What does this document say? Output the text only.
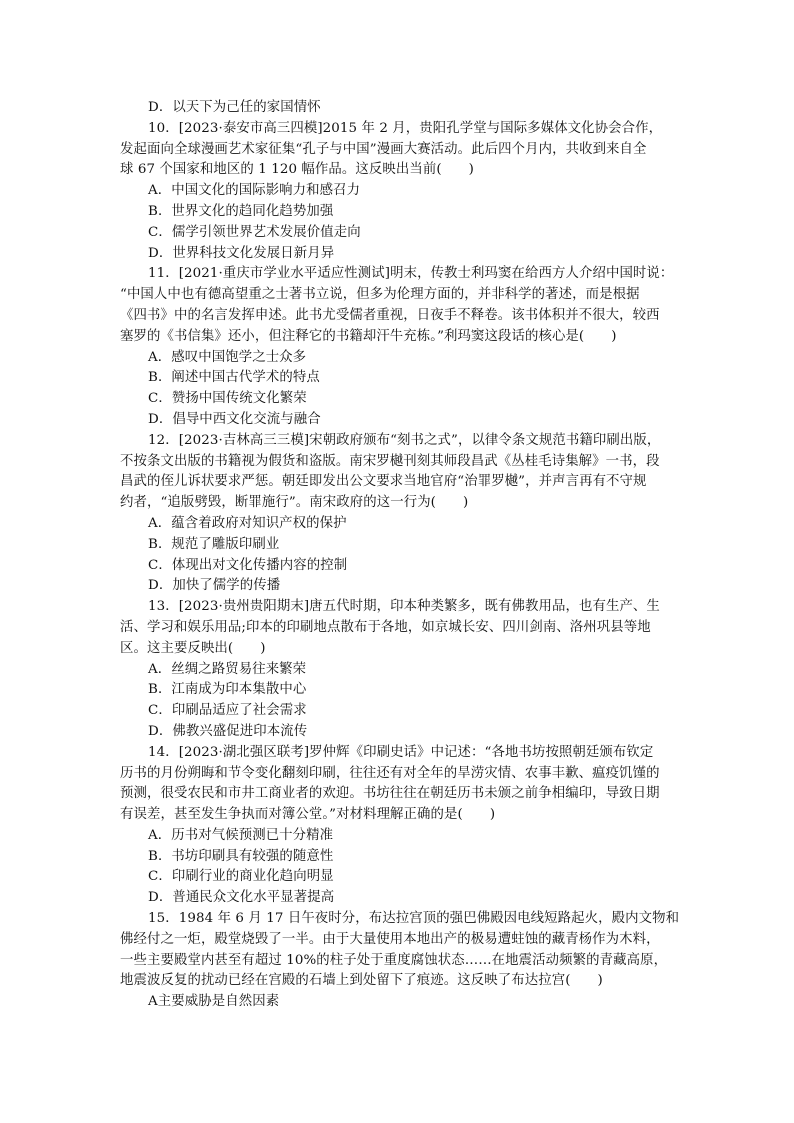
D．以天下为己任的家国情怀
10．[2023·泰安市高三四模]2015 年 2 月，贵阳孔学堂与国际多媒体文化协会合作，
发起面向全球漫画艺术家征集“孔子与中国”漫画大赛活动。此后四个月内，共收到来自全
球 67 个国家和地区的 1 120 幅作品。这反映出当前(　　)
A．中国文化的国际影响力和感召力
B．世界文化的趋同化趋势加强
C．儒学引领世界艺术发展价值走向
D．世界科技文化发展日新月异
11．[2021·重庆市学业水平适应性测试]明末，传教士利玛窦在给西方人介绍中国时说：
“中国人中也有德高望重之士著书立说，但多为伦理方面的，并非科学的著述，而是根据
《四书》中的名言发挥申述。此书尤受儒者重视，日夜手不释卷。该书体积并不很大，较西
塞罗的《书信集》还小，但注释它的书籍却汗牛充栋。”利玛窦这段话的核心是(　　)
A．感叹中国饱学之士众多
B．阐述中国古代学术的特点
C．赞扬中国传统文化繁荣
D．倡导中西文化交流与融合
12．[2023·吉林高三三模]宋朝政府颁布“刻书之式”，以律令条文规范书籍印刷出版，
不按条文出版的书籍视为假货和盗版。南宋罗樾刊刻其师段昌武《丛桂毛诗集解》一书，段
昌武的侄儿诉状要求严惩。朝廷即发出公文要求当地官府“治罪罗樾”，并声言再有不守规
约者，“追版劈毁，断罪施行”。南宋政府的这一行为(　　)
A．蕴含着政府对知识产权的保护
B．规范了雕版印刷业
C．体现出对文化传播内容的控制
D．加快了儒学的传播
13．[2023·贵州贵阳期末]唐五代时期，印本种类繁多，既有佛教用品，也有生产、生
活、学习和娱乐用品;印本的印刷地点散布于各地，如京城长安、四川剑南、洛州巩县等地
区。这主要反映出(　　)
A．丝绸之路贸易往来繁荣
B．江南成为印本集散中心
C．印刷品适应了社会需求
D．佛教兴盛促进印本流传
14．[2023·湖北强区联考]罗仲辉《印刷史话》中记述：“各地书坊按照朝廷颁布钦定
历书的月份朔晦和节令变化翻刻印刷，往往还有对全年的旱涝灾情、农事丰歉、瘟疫饥馑的
预测，很受农民和市井工商业者的欢迎。书坊往往在朝廷历书未颁之前争相编印，导致日期
有误差，甚至发生争执而对簿公堂。”对材料理解正确的是(　　)
A．历书对气候预测已十分精准
B．书坊印刷具有较强的随意性
C．印刷行业的商业化趋向明显
D．普通民众文化水平显著提高
15．1984 年 6 月 17 日午夜时分，布达拉宫顶的强巴佛殿因电线短路起火，殿内文物和
佛经付之一炬，殿堂烧毁了一半。由于大量使用本地出产的极易遭蛀蚀的藏青杨作为木料，
一些主要殿堂内甚至有超过 10%的柱子处于重度腐蚀状态……在地震活动频繁的青藏高原，
地震波反复的扰动已经在宫殿的石墙上到处留下了痕迹。这反映了布达拉宫(　　)
A主要威胁是自然因素
